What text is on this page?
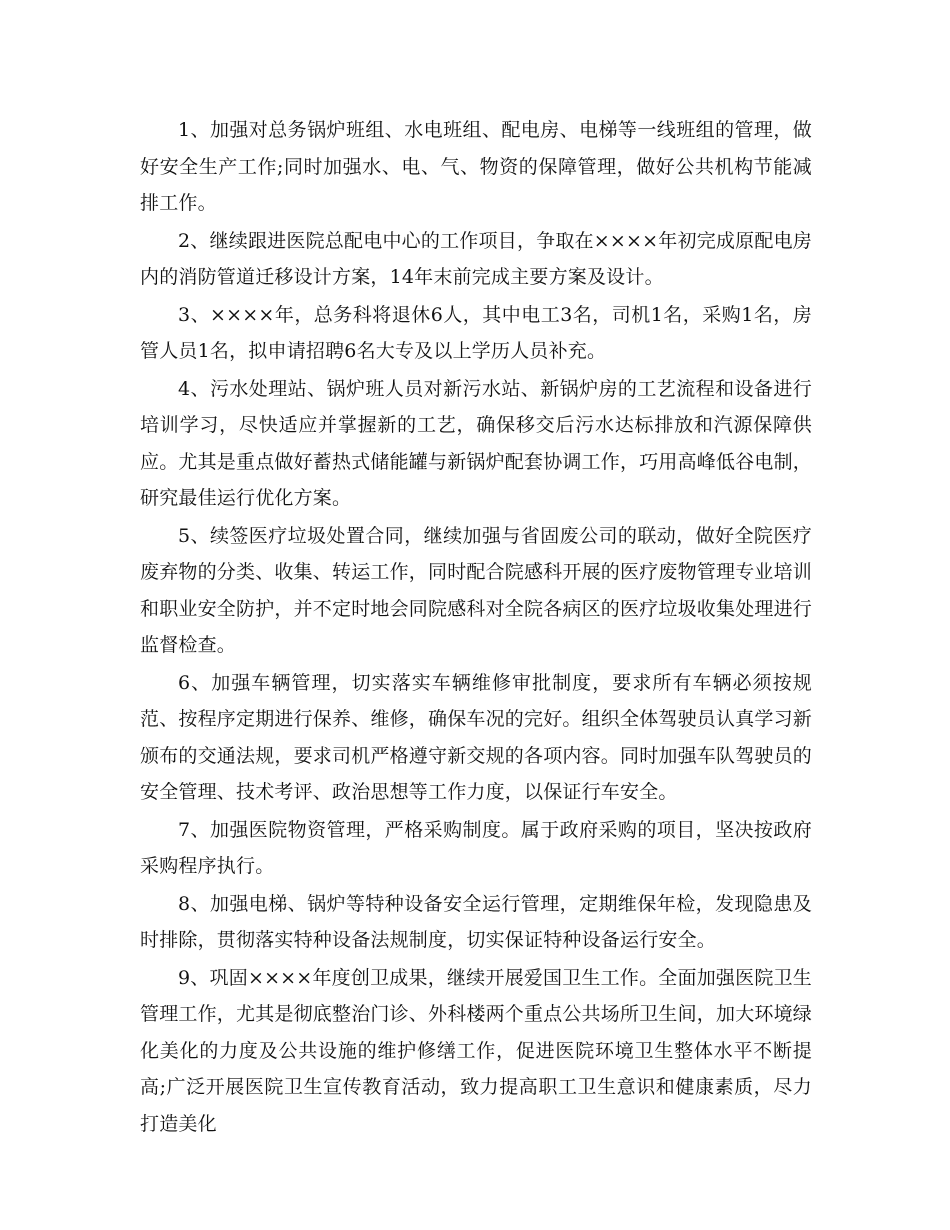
1、加强对总务锅炉班组、水电班组、配电房、电梯等一线班组的管理，做好安全生产工作;同时加强水、电、气、物资的保障管理，做好公共机构节能减排工作。

2、继续跟进医院总配电中心的工作项目，争取在××××年初完成原配电房内的消防管道迁移设计方案，14年末前完成主要方案及设计。

3、××××年，总务科将退休6人，其中电工3名，司机1名，采购1名，房管人员1名，拟申请招聘6名大专及以上学历人员补充。

4、污水处理站、锅炉班人员对新污水站、新锅炉房的工艺流程和设备进行培训学习，尽快适应并掌握新的工艺，确保移交后污水达标排放和汽源保障供应。尤其是重点做好蓄热式储能罐与新锅炉配套协调工作，巧用高峰低谷电制，研究最佳运行优化方案。

5、续签医疗垃圾处置合同，继续加强与省固废公司的联动，做好全院医疗废弃物的分类、收集、转运工作，同时配合院感科开展的医疗废物管理专业培训和职业安全防护，并不定时地会同院感科对全院各病区的医疗垃圾收集处理进行监督检查。

6、加强车辆管理，切实落实车辆维修审批制度，要求所有车辆必须按规范、按程序定期进行保养、维修，确保车况的完好。组织全体驾驶员认真学习新颁布的交通法规，要求司机严格遵守新交规的各项内容。同时加强车队驾驶员的安全管理、技术考评、政治思想等工作力度，以保证行车安全。

7、加强医院物资管理，严格采购制度。属于政府采购的项目，坚决按政府采购程序执行。

8、加强电梯、锅炉等特种设备安全运行管理，定期维保年检，发现隐患及时排除，贯彻落实特种设备法规制度，切实保证特种设备运行安全。

9、巩固××××年度创卫成果，继续开展爱国卫生工作。全面加强医院卫生管理工作，尤其是彻底整治门诊、外科楼两个重点公共场所卫生间，加大环境绿化美化的力度及公共设施的维护修缮工作，促进医院环境卫生整体水平不断提高;广泛开展医院卫生宣传教育活动，致力提高职工卫生意识和健康素质，尽力打造美化
